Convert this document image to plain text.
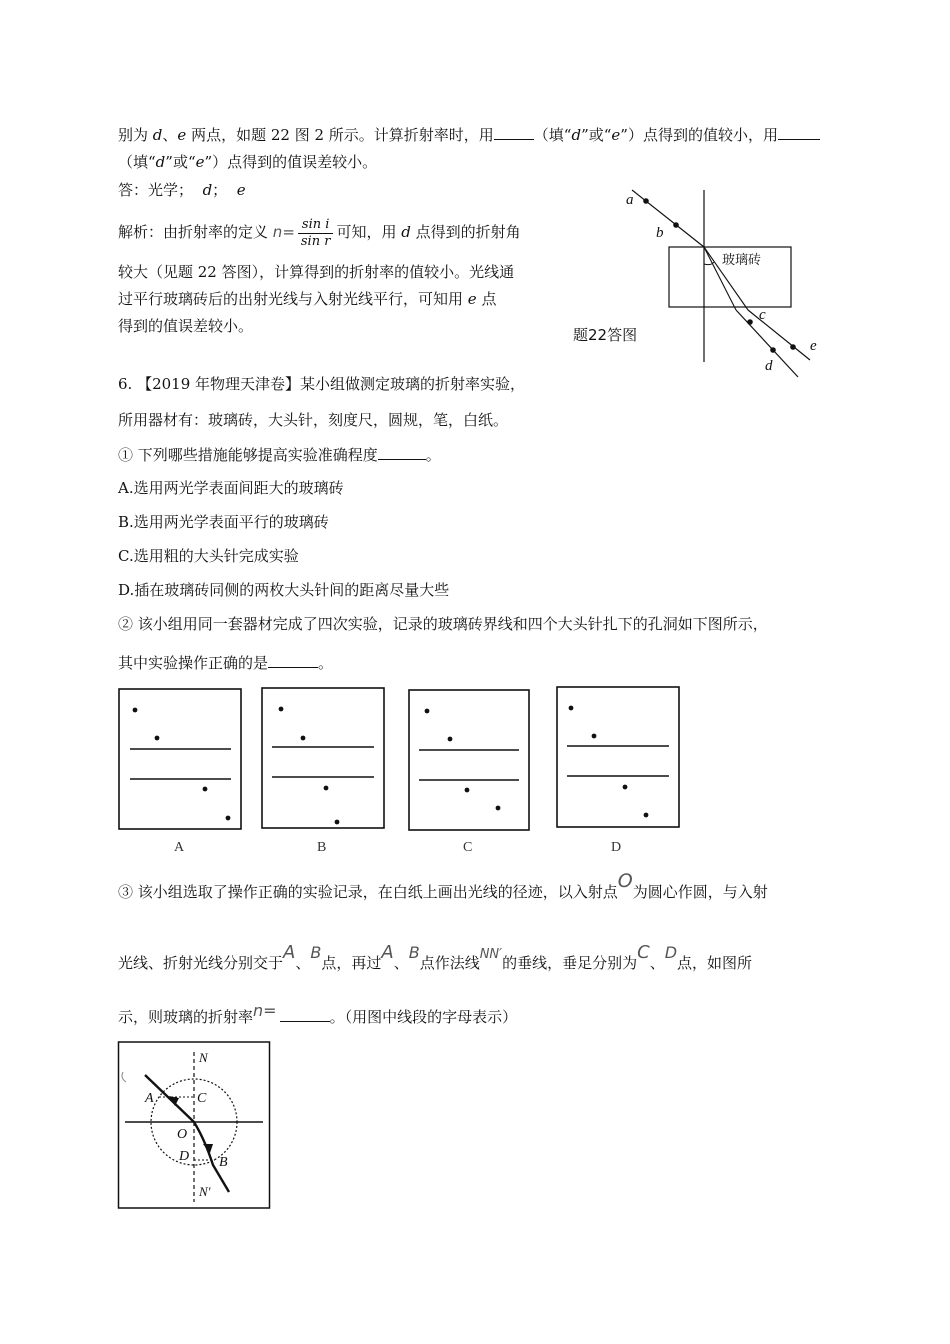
别为 d、e 两点，如题 22 图 2 所示。计算折射率时，用	（填“d”或“e”）点得到的值较小，用
（填“d”或“e”）点得到的值误差较小。
答：光学； d； e
解析：由折射率的定义 $n= \frac{\text{sin i}}{\text{sin r}}$ 可知，用 d 点得到的折射角
较大（见题 22 答图），计算得到的折射率的值较小。光线通
过平行玻璃砖后的出射光线与入射光线平行，可知用 e 点
得到的值误差较小。
a
b
c
d
e
玻璃砖
题22答图
6. 【2019 年物理天津卷】某小组做测定玻璃的折射率实验，
所用器材有：玻璃砖，大头针，刻度尺，圆规，笔，白纸。
① 下列哪些措施能够提高实验准确程度	。
A.选用两光学表面间距大的玻璃砖
B.选用两光学表面平行的玻璃砖
C.选用粗的大头针完成实验
D.插在玻璃砖同侧的两枚大头针间的距离尽量大些
② 该小组用同一套器材完成了四次实验，记录的玻璃砖界线和四个大头针扎下的孔洞如下图所示，
其中实验操作正确的是	。
A	B	C	D
③ 该小组选取了操作正确的实验记录，在白纸上画出光线的径迹，以入射点O为圆心作圆，与入射
光线、折射光线分别交于A、B点，再过A、B点作法线NN′的垂线，垂足分别为C、D点，如图所
示，则玻璃的折射率n=	。（用图中线段的字母表示）
N
A	C
O
D B
N'
